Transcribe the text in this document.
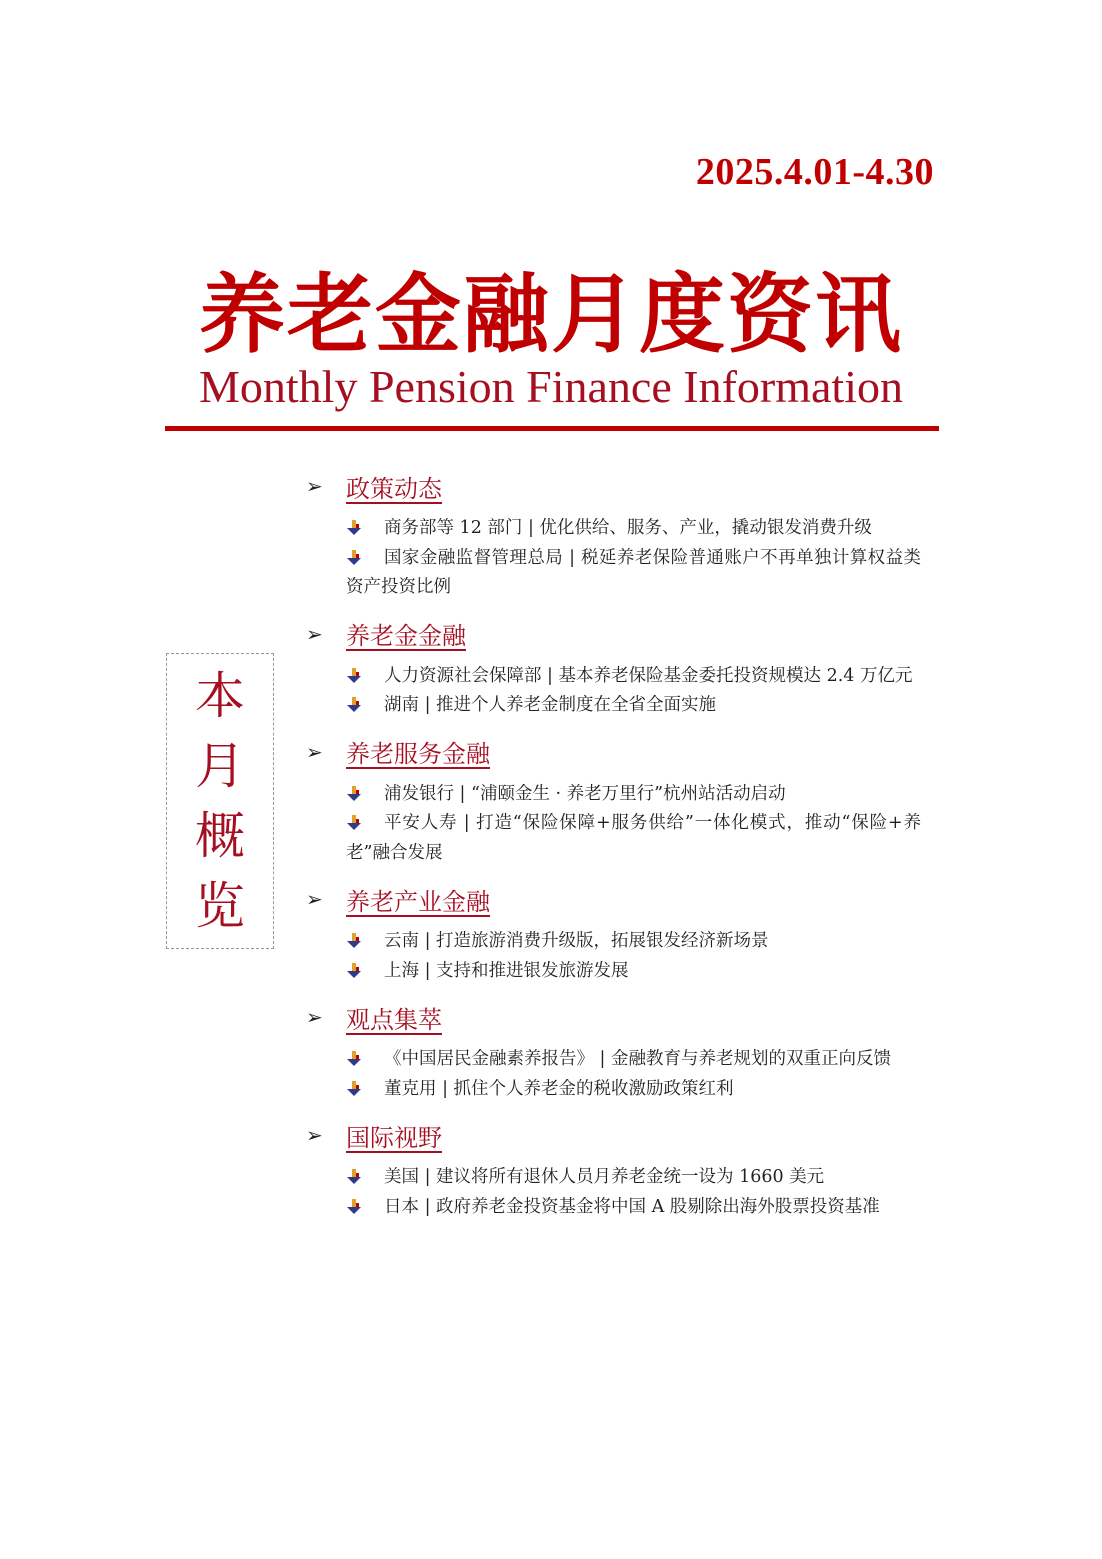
2025.4.01-4.30
养老金融月度资讯
Monthly Pension Finance Information
本
月
概
览
➢ 政策动态
商务部等 12 部门 | 优化供给、服务、产业，撬动银发消费升级
国家金融监督管理总局 | 税延养老保险普通账户不再单独计算权益类资产投资比例
➢ 养老金金融
人力资源社会保障部 | 基本养老保险基金委托投资规模达 2.4 万亿元
湖南 | 推进个人养老金制度在全省全面实施
➢ 养老服务金融
浦发银行 | “浦颐金生 · 养老万里行”杭州站活动启动
平安人寿 | 打造“保险保障+服务供给”一体化模式，推动“保险+养老”融合发展
➢ 养老产业金融
云南 | 打造旅游消费升级版，拓展银发经济新场景
上海 | 支持和推进银发旅游发展
➢ 观点集萃
《中国居民金融素养报告》 | 金融教育与养老规划的双重正向反馈
董克用 | 抓住个人养老金的税收激励政策红利
➢ 国际视野
美国 | 建议将所有退休人员月养老金统一设为 1660 美元
日本 | 政府养老金投资基金将中国 A 股剔除出海外股票投资基准
